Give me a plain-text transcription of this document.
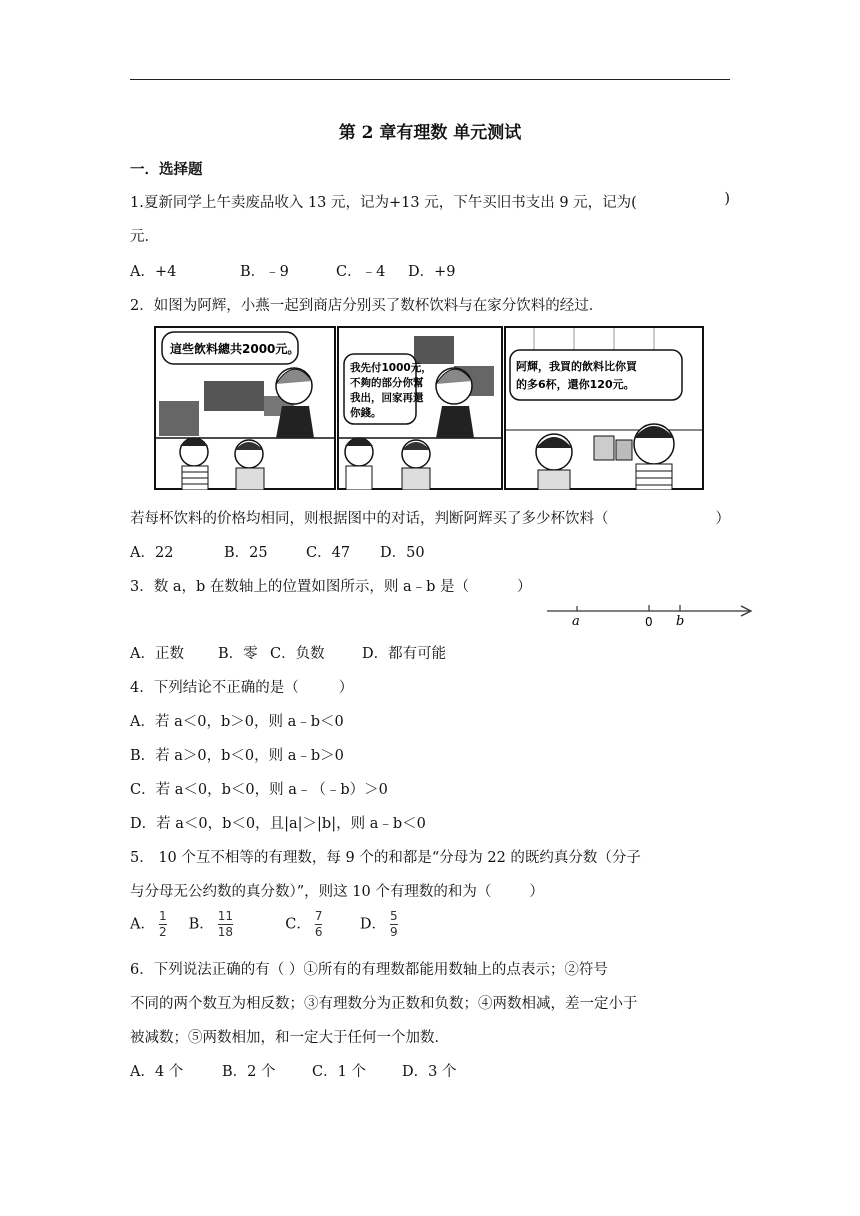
第 2 章有理数 单元测试
一．选择题
1.夏新同学上午卖废品收入 13 元，记为+13 元，下午买旧书支出 9 元，记为(	)
元．
A．+4	B．﹣9	C．﹣4 D．+9
2．如图为阿辉，小燕一起到商店分别买了数杯饮料与在家分饮料的经过．
這些飲料總共2000元。
我先付1000元， 不夠的部分你幫 我出，回家再還 你錢。
阿輝，我買的飲料比你買 的多6杯，還你120元。
若每杯饮料的价格均相同，则根据图中的对话，判断阿辉买了多少杯饮料（	）
A．22	B．25	C．47 D．50
3．数 a，b 在数轴上的位置如图所示，则 a﹣b 是（	）
a	0 b
A．正数 B．零 C．负数	D．都有可能
4．下列结论不正确的是（	）
A．若 a＜0，b＞0，则 a﹣b＜0
B．若 a＞0，b＜0，则 a﹣b＞0
C．若 a＜0，b＜0，则 a﹣（﹣b）＞0
D．若 a＜0，b＜0，且|a|＞|b|，则 a﹣b＜0
5． 10 个互不相等的有理数，每 9 个的和都是“分母为 22 的既约真分数（分子
与分母无公约数的真分数）”，则这 10 个有理数的和为（	）
A． $\frac{1}{2}$ B． $\frac{11}{18}$	C． $\frac{7}{6}$	D． $\frac{5}{9}$
6．下列说法正确的有（ ）①所有的有理数都能用数轴上的点表示；②符号
不同的两个数互为相反数；③有理数分为正数和负数；④两数相减，差一定小于
被减数；⑤两数相加，和一定大于任何一个加数．
A．4 个	B．2 个	C．1 个 D．3 个
